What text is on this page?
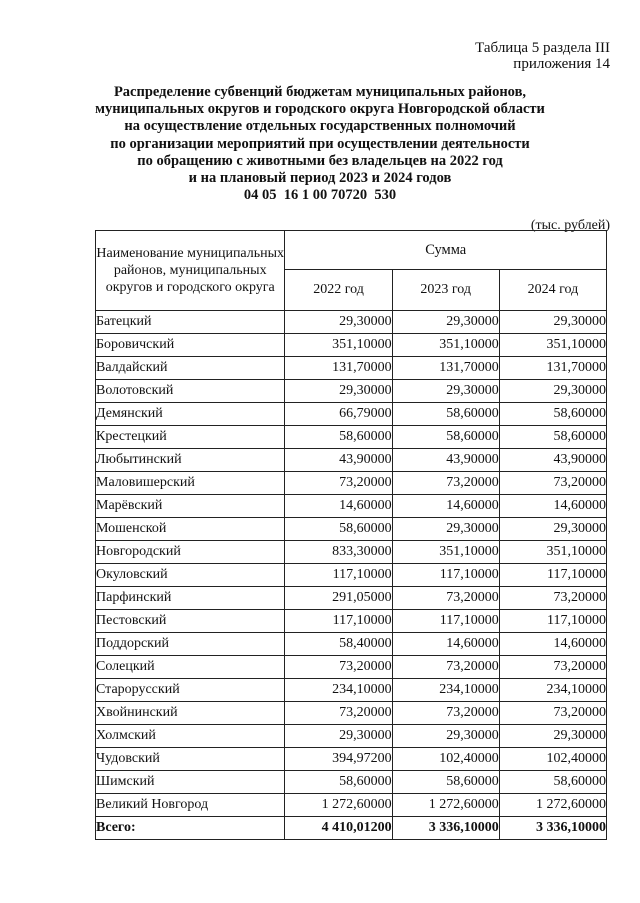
Таблица 5 раздела III
приложения 14
Распределение субвенций бюджетам муниципальных районов,
муниципальных округов и городского округа Новгородской области
на осуществление отдельных государственных полномочий
по организации мероприятий при осуществлении деятельности
по обращению с животными без владельцев на 2022 год
и на плановый период 2023 и 2024 годов
04 05  16 1 00 70720  530
(тыс. рублей)
Наименование муниципальных районов, муниципальных округов и городского округа	Сумма		
	2022 год	2023 год	2024 год
Батецкий	29,30000	29,30000	29,30000
Боровичский	351,10000	351,10000	351,10000
Валдайский	131,70000	131,70000	131,70000
Волотовский	29,30000	29,30000	29,30000
Демянский	66,79000	58,60000	58,60000
Крестецкий	58,60000	58,60000	58,60000
Любытинский	43,90000	43,90000	43,90000
Маловишерский	73,20000	73,20000	73,20000
Марёвский	14,60000	14,60000	14,60000
Мошенской	58,60000	29,30000	29,30000
Новгородский	833,30000	351,10000	351,10000
Окуловский	117,10000	117,10000	117,10000
Парфинский	291,05000	73,20000	73,20000
Пестовский	117,10000	117,10000	117,10000
Поддорский	58,40000	14,60000	14,60000
Солецкий	73,20000	73,20000	73,20000
Старорусский	234,10000	234,10000	234,10000
Хвойнинский	73,20000	73,20000	73,20000
Холмский	29,30000	29,30000	29,30000
Чудовский	394,97200	102,40000	102,40000
Шимский	58,60000	58,60000	58,60000
Великий Новгород	1 272,60000	1 272,60000	1 272,60000
Всего:	4 410,01200	3 336,10000	3 336,10000
